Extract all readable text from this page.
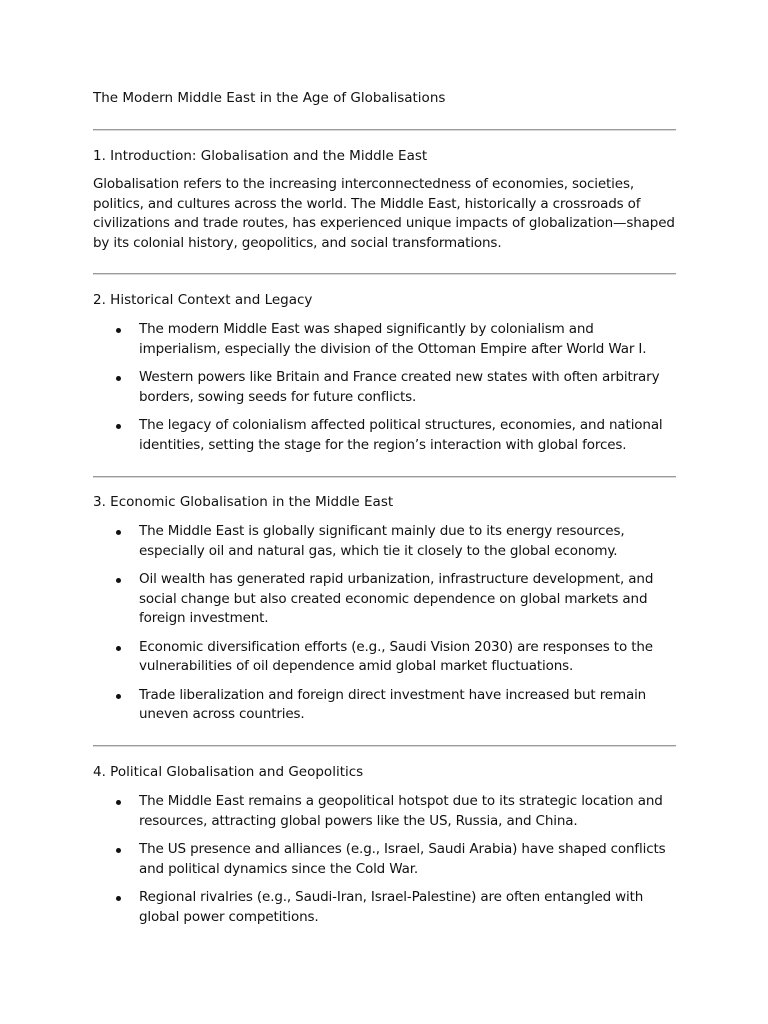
The Modern Middle East in the Age of Globalisations
1. Introduction: Globalisation and the Middle East
Globalisation refers to the increasing interconnectedness of economies, societies, politics, and cultures across the world. The Middle East, historically a crossroads of civilizations and trade routes, has experienced unique impacts of globalization—shaped by its colonial history, geopolitics, and social transformations.
2. Historical Context and Legacy
The modern Middle East was shaped significantly by colonialism and imperialism, especially the division of the Ottoman Empire after World War I.
Western powers like Britain and France created new states with often arbitrary borders, sowing seeds for future conflicts.
The legacy of colonialism affected political structures, economies, and national identities, setting the stage for the region’s interaction with global forces.
3. Economic Globalisation in the Middle East
The Middle East is globally significant mainly due to its energy resources, especially oil and natural gas, which tie it closely to the global economy.
Oil wealth has generated rapid urbanization, infrastructure development, and social change but also created economic dependence on global markets and foreign investment.
Economic diversification efforts (e.g., Saudi Vision 2030) are responses to the vulnerabilities of oil dependence amid global market fluctuations.
Trade liberalization and foreign direct investment have increased but remain uneven across countries.
4. Political Globalisation and Geopolitics
The Middle East remains a geopolitical hotspot due to its strategic location and resources, attracting global powers like the US, Russia, and China.
The US presence and alliances (e.g., Israel, Saudi Arabia) have shaped conflicts and political dynamics since the Cold War.
Regional rivalries (e.g., Saudi-Iran, Israel-Palestine) are often entangled with global power competitions.
